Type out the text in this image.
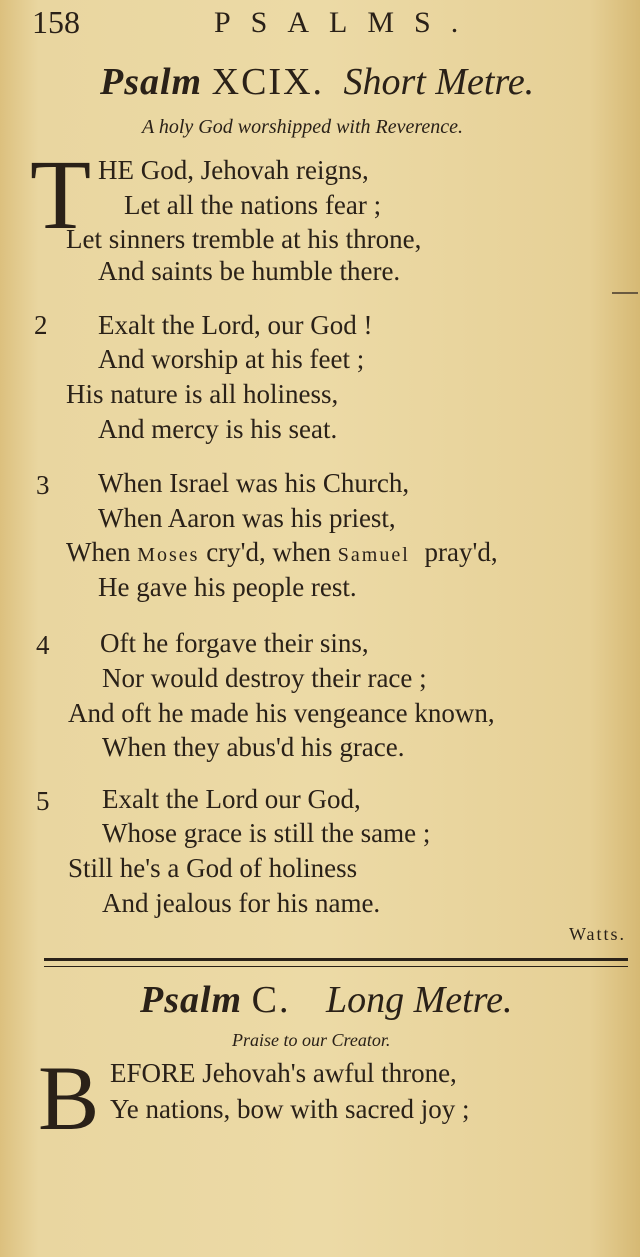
158	PSALMS.
Psalm XCIX. Short Metre.
A holy God worshipped with Reverence.
T HE God, Jehovah reigns,
Let all the nations fear ;
Let sinners tremble at his throne,
And saints be humble there.
2 Exalt the Lord, our God !
And worship at his feet ;
His nature is all holiness,
And mercy is his seat.
3 When Israel was his Church,
When Aaron was his priest,
When Moses cry'd, when Samuel pray'd,
He gave his people rest.
4 Oft he forgave their sins,
Nor would destroy their race ;
And oft he made his vengeance known,
When they abus'd his grace.
5 Exalt the Lord our God,
Whose grace is still the same ;
Still he's a God of holiness
And jealous for his name.
Watts.
Psalm C. Long Metre.
Praise to our Creator.
B EFORE Jehovah's awful throne,
Ye nations, bow with sacred joy ;
